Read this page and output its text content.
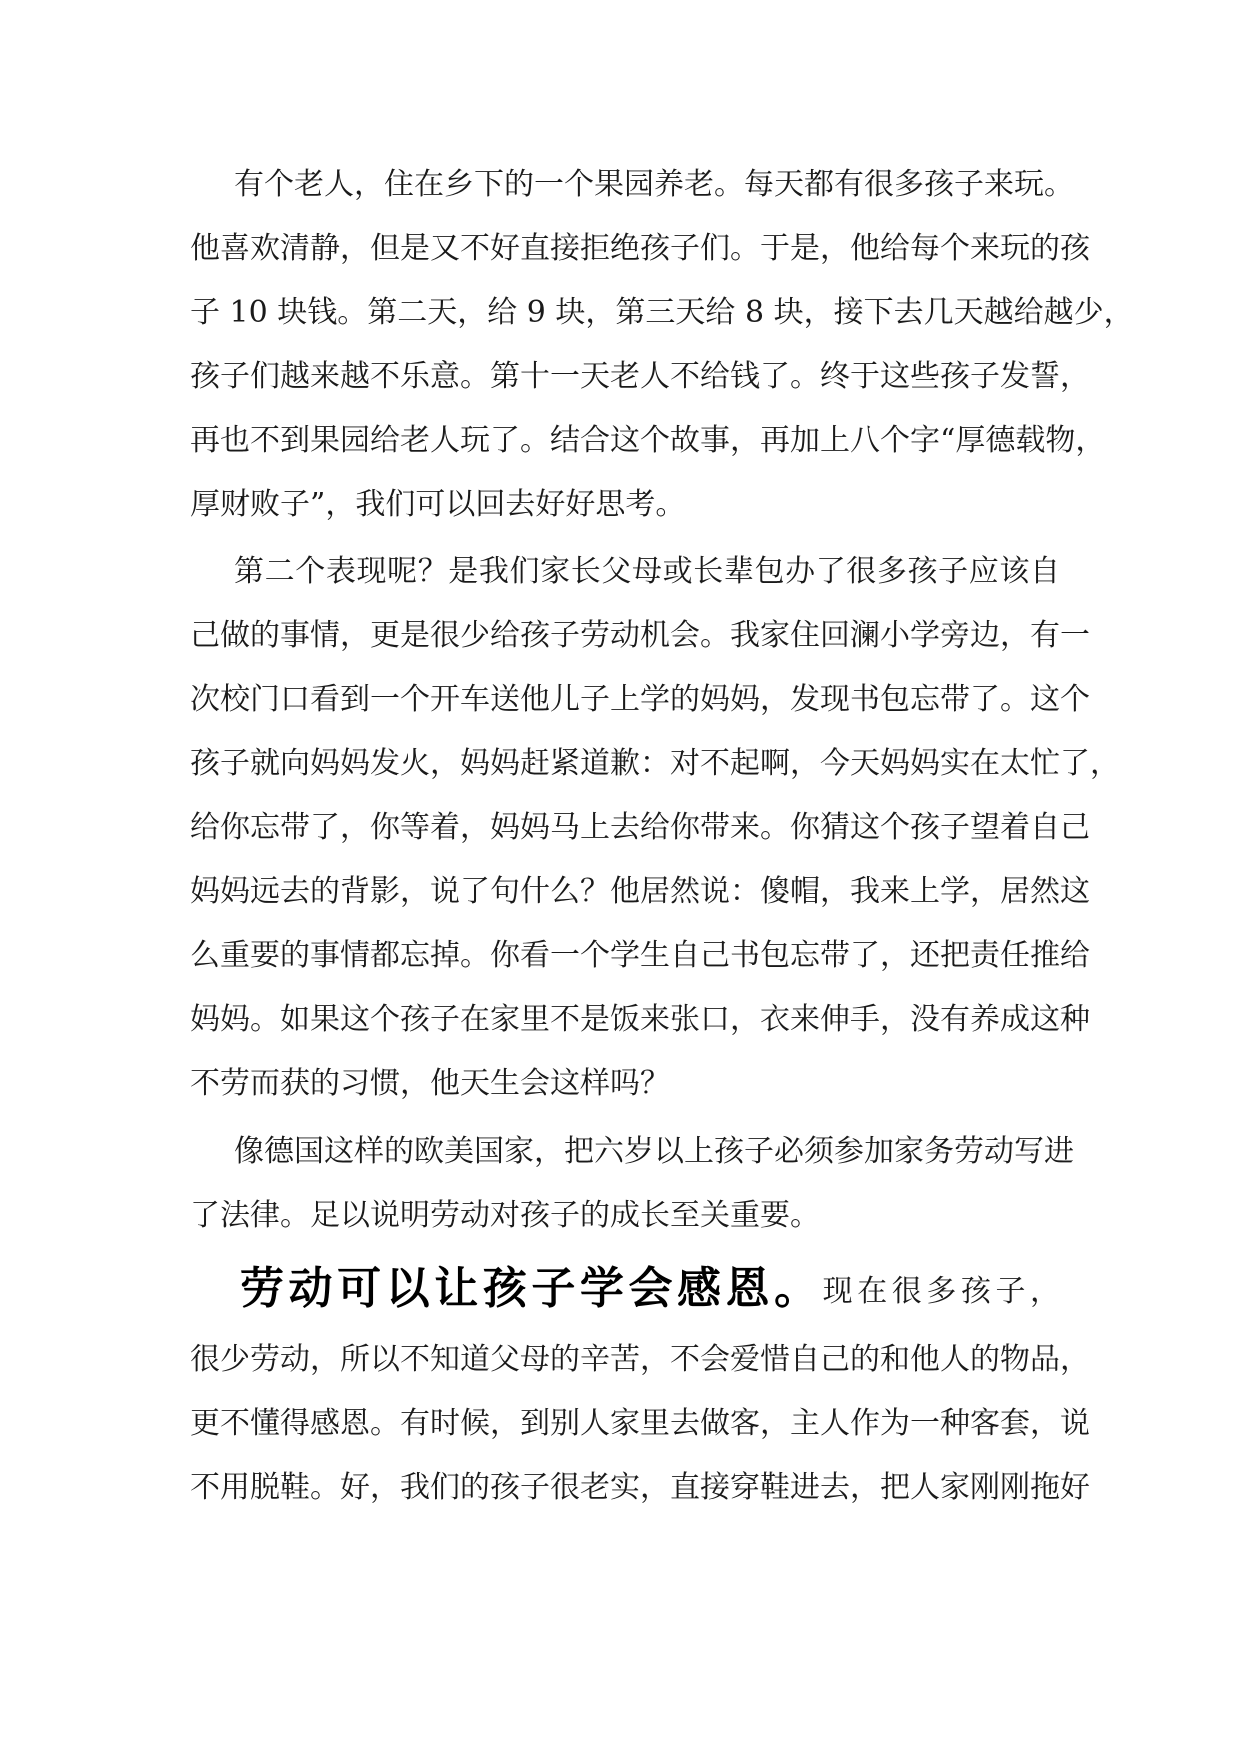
有个老人，住在乡下的一个果园养老。每天都有很多孩子来玩。
他喜欢清静，但是又不好直接拒绝孩子们。于是，他给每个来玩的孩
子 10 块钱。第二天，给 9 块，第三天给 8 块，接下去几天越给越少，
孩子们越来越不乐意。第十一天老人不给钱了。终于这些孩子发誓，
再也不到果园给老人玩了。结合这个故事，再加上八个字“厚德载物，
厚财败子”，我们可以回去好好思考。
第二个表现呢？是我们家长父母或长辈包办了很多孩子应该自
己做的事情，更是很少给孩子劳动机会。我家住回澜小学旁边，有一
次校门口看到一个开车送他儿子上学的妈妈，发现书包忘带了。这个
孩子就向妈妈发火，妈妈赶紧道歉：对不起啊，今天妈妈实在太忙了，
给你忘带了，你等着，妈妈马上去给你带来。你猜这个孩子望着自己
妈妈远去的背影，说了句什么？他居然说：傻帽，我来上学，居然这
么重要的事情都忘掉。你看一个学生自己书包忘带了，还把责任推给
妈妈。如果这个孩子在家里不是饭来张口，衣来伸手，没有养成这种
不劳而获的习惯，他天生会这样吗？
像德国这样的欧美国家，把六岁以上孩子必须参加家务劳动写进
了法律。足以说明劳动对孩子的成长至关重要。
劳动可以让孩子学会感恩。现在很多孩子，
很少劳动，所以不知道父母的辛苦，不会爱惜自己的和他人的物品，
更不懂得感恩。有时候，到别人家里去做客，主人作为一种客套，说
不用脱鞋。好，我们的孩子很老实，直接穿鞋进去，把人家刚刚拖好
